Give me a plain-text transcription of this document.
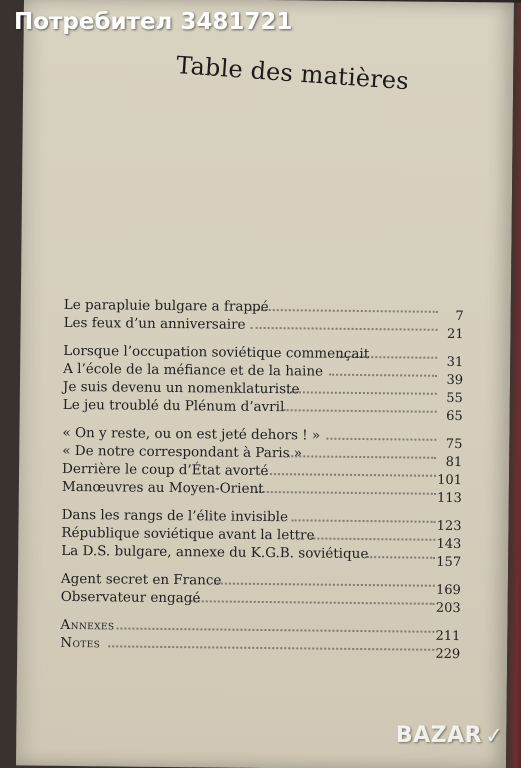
Потребител 3481721
Table des matières
Le parapluie bulgare a frappé
7
Les feux d’un anniversaire
21
Lorsque l’occupation soviétique commençait
31
A l’école de la méfiance et de la haine
39
Je suis devenu un nomenklaturiste
55
Le jeu troublé du Plénum d’avril
65
« On y reste, ou on est jeté dehors ! »
75
« De notre correspondant à Paris »
81
Derrière le coup d’État avorté
101
Manœuvres au Moyen-Orient
113
Dans les rangs de l’élite invisible
123
République soviétique avant la lettre
143
La D.S. bulgare, annexe du K.G.B. soviétique
157
Agent secret en France
169
Observateur engagé
203
Annexes
211
Notes
229
BAZAR✓
